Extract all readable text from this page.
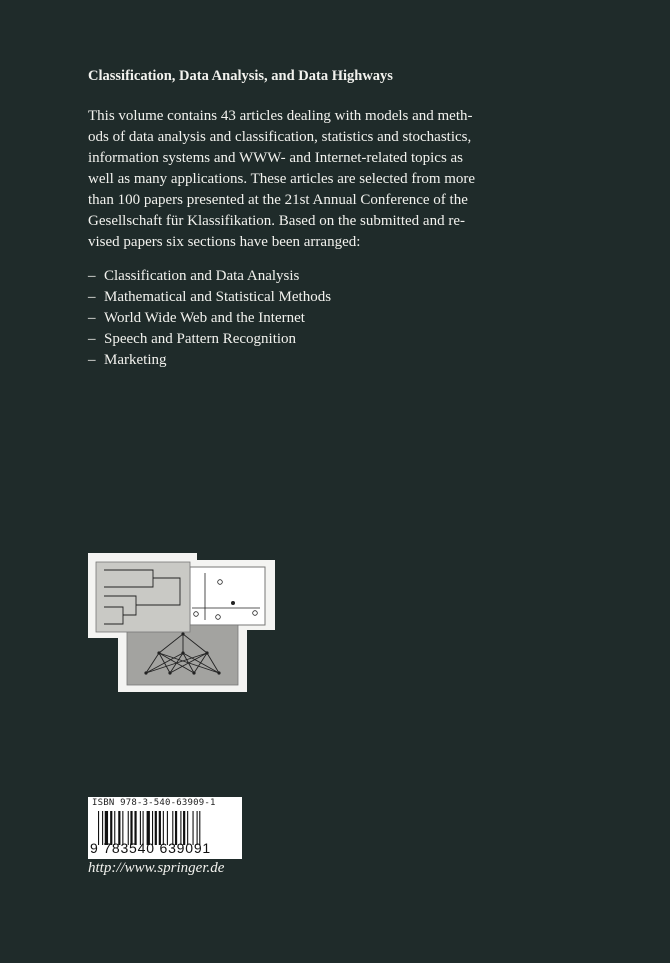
Classification, Data Analysis, and Data Highways
This volume contains 43 articles dealing with models and meth-
ods of data analysis and classification, statistics and stochastics,
information systems and WWW- and Internet-related topics as
well as many applications. These articles are selected from more
than 100 papers presented at the 21st Annual Conference of the
Gesellschaft für Klassifikation. Based on the submitted and re-
vised papers six sections have been arranged:
– Classification and Data Analysis
– Mathematical and Statistical Methods
– World Wide Web and the Internet
– Speech and Pattern Recognition
– Marketing
ISBN 978-3-540-63909-1
9 783540 639091
http://www.springer.de
